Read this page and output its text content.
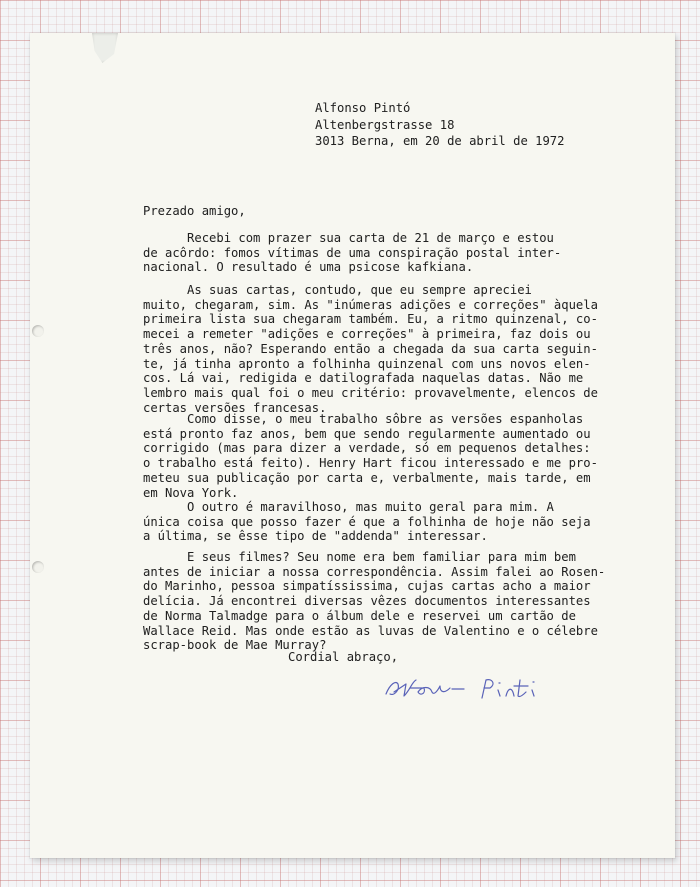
Alfonso Pintó
Altenbergstrasse 18
3013 Berna, em 20 de abril de 1972
Prezado amigo,

Recebi com prazer sua carta de 21 de março e estou
de acôrdo: fomos vítimas de uma conspiração postal inter-
nacional. O resultado é uma psicose kafkiana.

As suas cartas, contudo, que eu sempre apreciei
muito, chegaram, sim. As "inúmeras adições e correções" àquela
primeira lista sua chegaram também. Eu, a ritmo quinzenal, co-
mecei a remeter "adições e correções" à primeira, faz dois ou
três anos, não? Esperando então a chegada da sua carta seguin-
te, já tinha apronto a folhinha quinzenal com uns novos elen-
cos. Lá vai, redigida e datilografada naquelas datas. Não me
lembro mais qual foi o meu critério: provavelmente, elencos de
certas versões francesas.

Como disse, o meu trabalho sôbre as versões espanholas
está pronto faz anos, bem que sendo regularmente aumentado ou
corrigido (mas para dizer a verdade, só em pequenos detalhes:
o trabalho está feito). Henry Hart ficou interessado e me pro-
meteu sua publicação por carta e, verbalmente, mais tarde, em
em Nova York.

O outro é maravilhoso, mas muito geral para mim. A
única coisa que posso fazer é que a folhinha de hoje não seja
a última, se êsse tipo de "addenda" interessar.

E seus filmes? Seu nome era bem familiar para mim bem
antes de iniciar a nossa correspondência. Assim falei ao Rosen-
do Marinho, pessoa simpatíssissima, cujas cartas acho a maior
delícia. Já encontrei diversas vêzes documentos interessantes
de Norma Talmadge para o álbum dele e reservei um cartão de
Wallace Reid. Mas onde estão as luvas de Valentino e o célebre
scrap-book de Mae Murray?

Cordial abraço,
